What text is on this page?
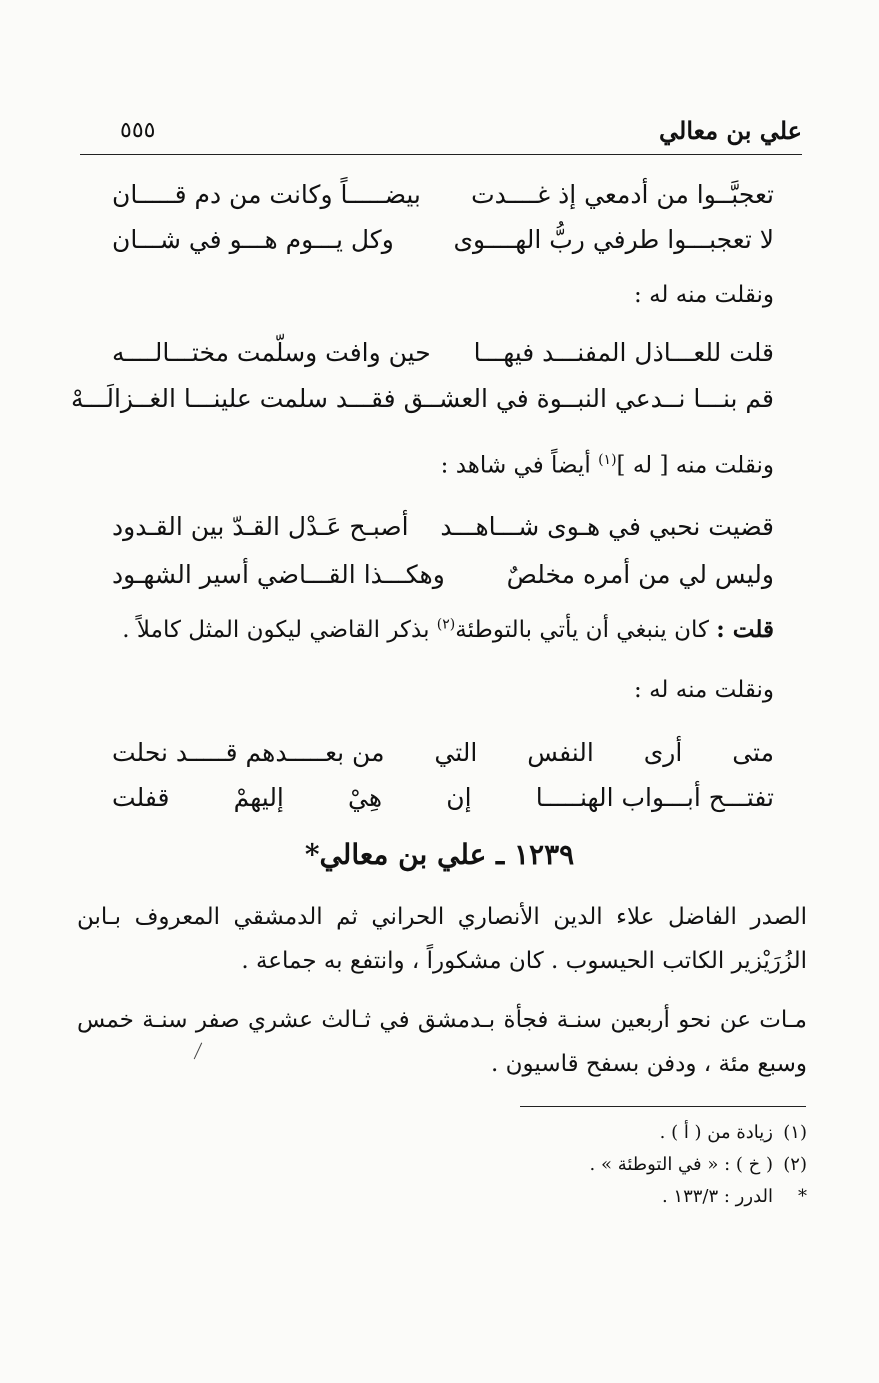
علي بن معالي
٥٥٥
تعجبَّــوا من أدمعي إذ غــــدت
بيضـــــاً وكانت من دم قـــــان
لا تعجبـــوا طرفي ربُّ الهــــوى
وكل يـــوم هـــو في شـــان
ونقلت منه له :
قلت للعـــاذل المفنـــد فيهـــا
حين وافت وسلّمت مختـــالــــه
قم بنـــا نــدعي النبــوة في العشــق فقـــد سلمت علينـــا الغــزالَـــهْ
ونقلت منه [ له ]$^{(١)}$ أيضاً في شاهد :
قضيت نحبي في هـوى شـــاهـــد
أصبـح عَـدْل القـدّ بين القـدود
وليس لي من أمره مخلصٌ
وهكـــذا القـــاضي أسير الشهـود
قلت : كان ينبغي أن يأتي بالتوطئة$^{(٢)}$ بذكر القاضي ليكون المثل كاملاً .
ونقلت منه له :
متى
أرى
النفس
التي
من بعـــــدهم قـــــد نحلت
تفتـــح أبـــواب الهنـــــا
إن
هِيْ
إليهمْ
قفلت
١٢٣٩ ـ علي بن معالي*
الصدر الفاضل علاء الدين الأنصاري الحراني ثم الدمشقي المعروف بـابن الزُرَيْزير الكاتب الحيسوب . كان مشكوراً ، وانتفع به جماعة .
مـات عن نحو أربعين سنـة فجأة بـدمشق في ثـالث عشري صفر سنـة خمس وسبع مئة ، ودفن بسفح قاسيون .
(١)زيادة من ( أ ) .
(٢)( خ ) : « في التوطئة » .
*الدرر : ١٣٣/٣ .
